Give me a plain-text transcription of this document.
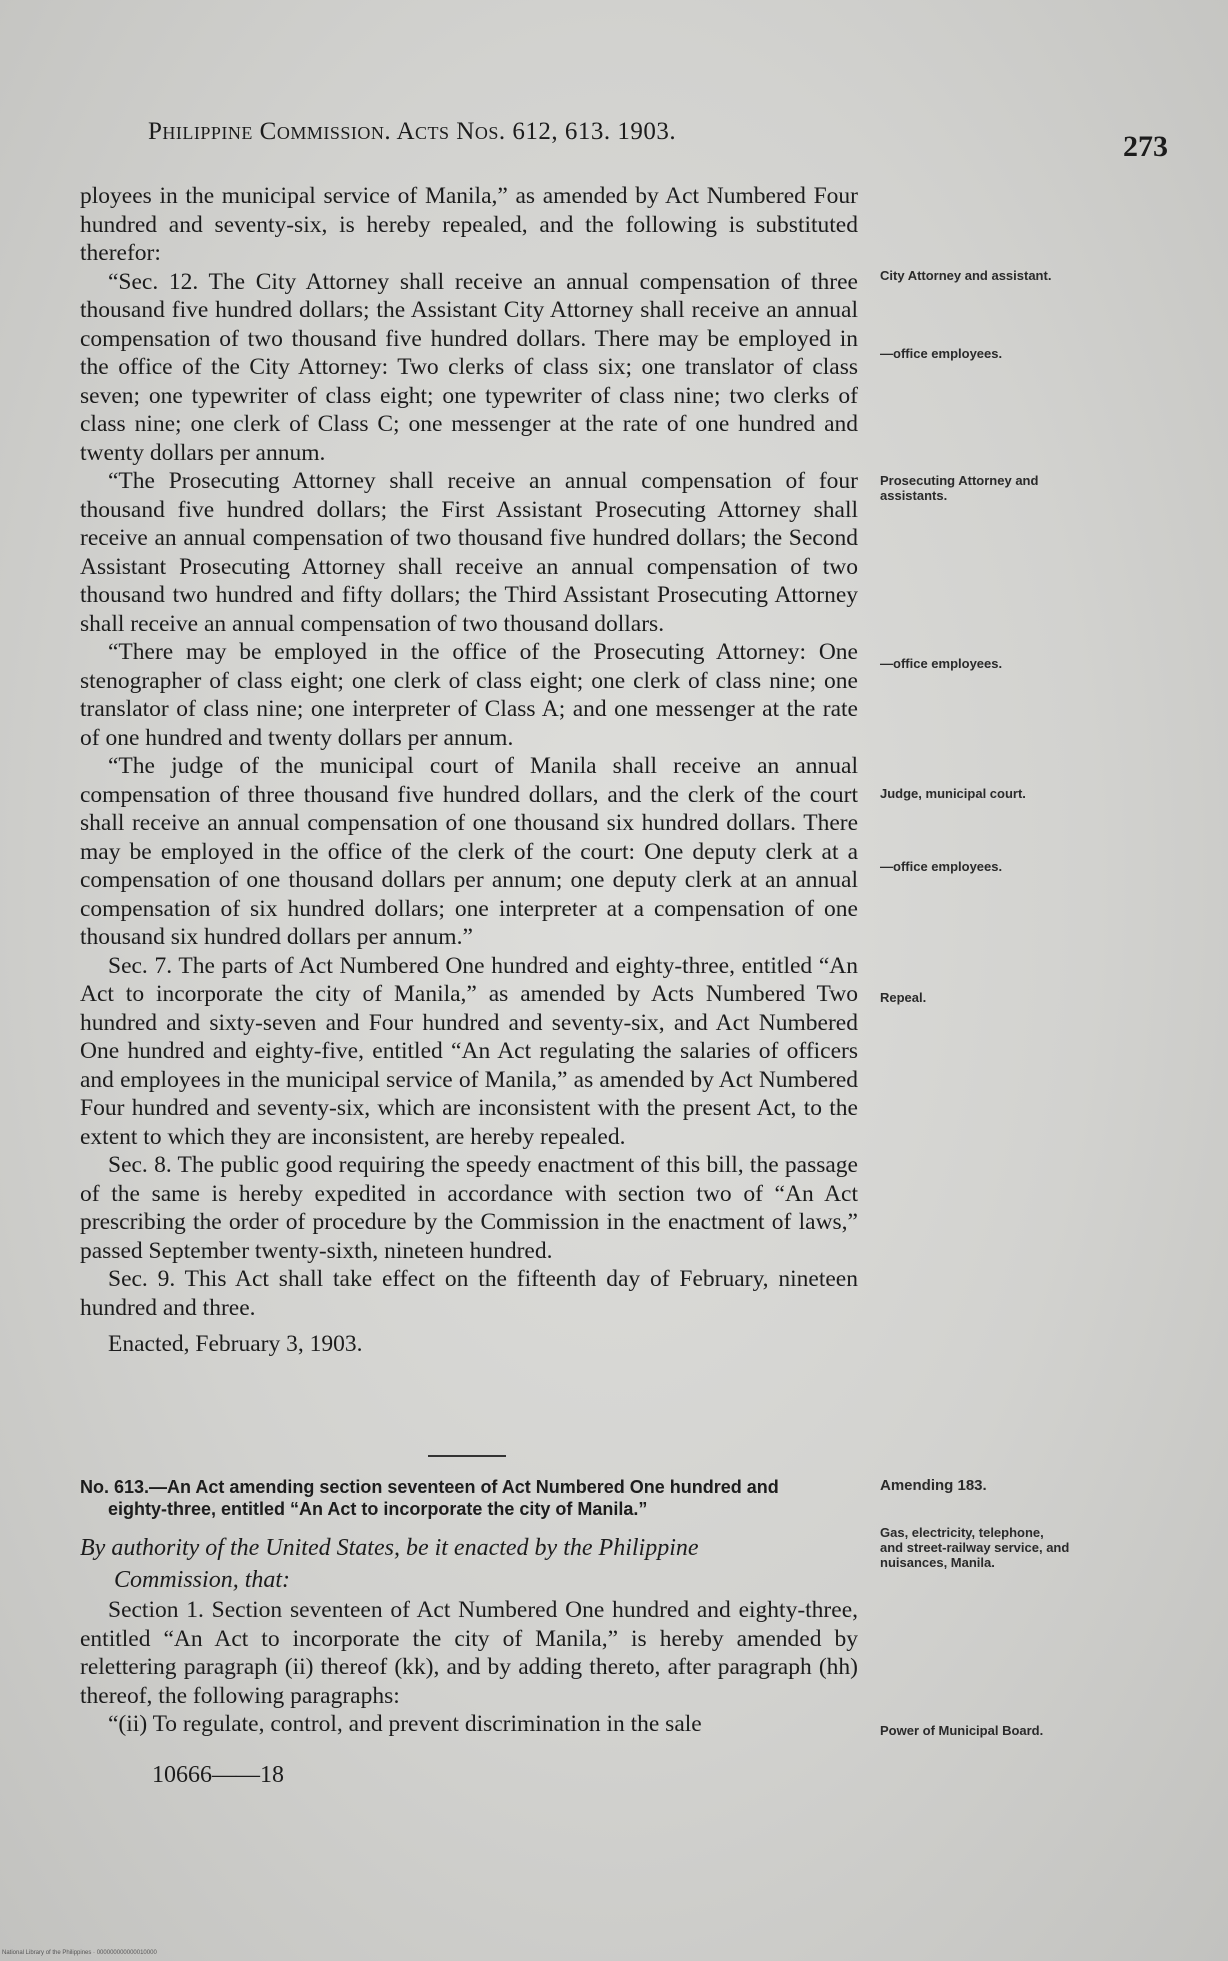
Philippine Commission. Acts Nos. 612, 613. 1903.	273

ployees in the municipal service of Manila,” as amended by Act Numbered Four hundred and seventy-six, is hereby repealed, and the following is substituted therefor:

“Sec. 12. The City Attorney shall receive an annual compensation of three thousand five hundred dollars; the Assistant City Attorney shall receive an annual compensation of two thousand five hundred dollars. There may be employed in the office of the City Attorney: Two clerks of class six; one translator of class seven; one typewriter of class eight; one typewriter of class nine; two clerks of class nine; one clerk of Class C; one messenger at the rate of one hundred and twenty dollars per annum.

“The Prosecuting Attorney shall receive an annual compensation of four thousand five hundred dollars; the First Assistant Prosecuting Attorney shall receive an annual compensation of two thousand five hundred dollars; the Second Assistant Prosecuting Attorney shall receive an annual compensation of two thousand two hundred and fifty dollars; the Third Assistant Prosecuting Attorney shall receive an annual compensation of two thousand dollars.

“There may be employed in the office of the Prosecuting Attorney: One stenographer of class eight; one clerk of class eight; one clerk of class nine; one translator of class nine; one interpreter of Class A; and one messenger at the rate of one hundred and twenty dollars per annum.

“The judge of the municipal court of Manila shall receive an annual compensation of three thousand five hundred dollars, and the clerk of the court shall receive an annual compensation of one thousand six hundred dollars. There may be employed in the office of the clerk of the court: One deputy clerk at a compensation of one thousand dollars per annum; one deputy clerk at an annual compensation of six hundred dollars; one interpreter at a compensation of one thousand six hundred dollars per annum.”

Sec. 7. The parts of Act Numbered One hundred and eighty-three, entitled “An Act to incorporate the city of Manila,” as amended by Acts Numbered Two hundred and sixty-seven and Four hundred and seventy-six, and Act Numbered One hundred and eighty-five, entitled “An Act regulating the salaries of officers and employees in the municipal service of Manila,” as amended by Act Numbered Four hundred and seventy-six, which are inconsistent with the present Act, to the extent to which they are inconsistent, are hereby repealed.

Sec. 8. The public good requiring the speedy enactment of this bill, the passage of the same is hereby expedited in accordance with section two of “An Act prescribing the order of procedure by the Commission in the enactment of laws,” passed September twenty-sixth, nineteen hundred.

Sec. 9. This Act shall take effect on the fifteenth day of February, nineteen hundred and three.

Enacted, February 3, 1903.

No. 613.—An Act amending section seventeen of Act Numbered One hundred and
eighty-three, entitled “An Act to incorporate the city of Manila.”
By authority of the United States, be it enacted by the Philippine
Commission, that:

Section 1. Section seventeen of Act Numbered One hundred and eighty-three, entitled “An Act to incorporate the city of Manila,” is hereby amended by relettering paragraph (ii) thereof (kk), and by adding thereto, after paragraph (hh) thereof, the following paragraphs:

“(ii) To regulate, control, and prevent discrimination in the sale

10666——18
City Attorney and assistant.
—office employees.
Prosecuting Attorney and assistants.
—office employees.
Judge, municipal court.
—office employees.
Repeal.
Amending 183.
Gas, electricity, telephone, and street-railway service, and nuisances, Manila.
Power of Municipal Board.
National Library of the Philippines · 000000000000010000
